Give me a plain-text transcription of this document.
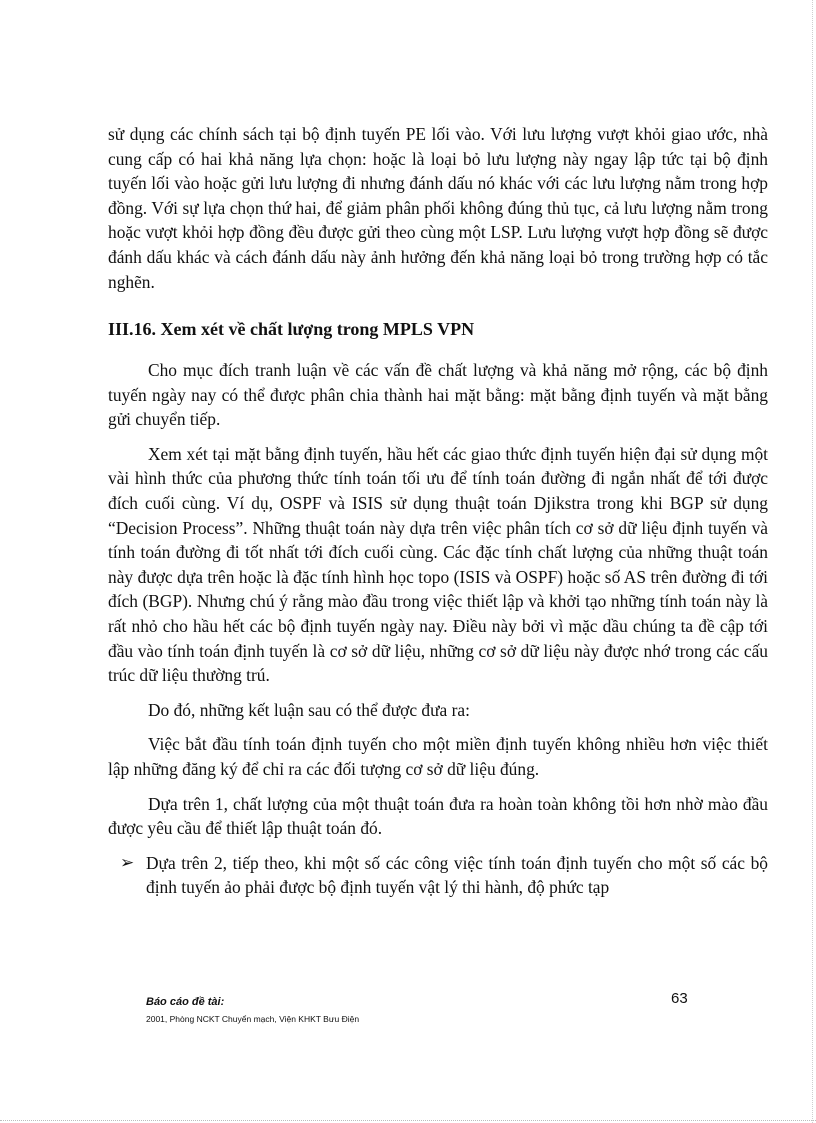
sử dụng các chính sách tại bộ định tuyến PE lối vào. Với lưu lượng vượt khỏi giao ước, nhà cung cấp có hai khả năng lựa chọn: hoặc là loại bỏ lưu lượng này ngay lập tức tại bộ định tuyến lối vào hoặc gửi lưu lượng đi nhưng đánh dấu nó khác với các lưu lượng nằm trong hợp đồng. Với sự lựa chọn thứ hai, để giảm phân phối không đúng thủ tục, cả lưu lượng nằm trong hoặc vượt khỏi hợp đồng đều được gửi theo cùng một LSP. Lưu lượng vượt hợp đồng sẽ được đánh dấu khác và cách đánh dấu này ảnh hưởng đến khả năng loại bỏ trong trường hợp có tắc nghẽn.

III.16. Xem xét về chất lượng trong MPLS VPN

Cho mục đích tranh luận về các vấn đề chất lượng và khả năng mở rộng, các bộ định tuyến ngày nay có thể được phân chia thành hai mặt bằng: mặt bằng định tuyến và mặt bằng gửi chuyển tiếp.

Xem xét tại mặt bằng định tuyến, hầu hết các giao thức định tuyến hiện đại sử dụng một vài hình thức của phương thức tính toán tối ưu để tính toán đường đi ngắn nhất để tới được đích cuối cùng. Ví dụ, OSPF và ISIS sử dụng thuật toán Djikstra trong khi BGP sử dụng “Decision Process”. Những thuật toán này dựa trên việc phân tích cơ sở dữ liệu định tuyến và tính toán đường đi tốt nhất tới đích cuối cùng. Các đặc tính chất lượng của những thuật toán này được dựa trên hoặc là đặc tính hình học topo (ISIS và OSPF) hoặc số AS trên đường đi tới đích (BGP). Nhưng chú ý rằng mào đầu trong việc thiết lập và khởi tạo những tính toán này là rất nhỏ cho hầu hết các bộ định tuyến ngày nay. Điều này bởi vì mặc dầu chúng ta đề cập tới đầu vào tính toán định tuyến là cơ sở dữ liệu, những cơ sở dữ liệu này được nhớ trong các cấu trúc dữ liệu thường trú.

Do đó, những kết luận sau có thể được đưa ra:

Việc bắt đầu tính toán định tuyến cho một miền định tuyến không nhiều hơn việc thiết lập những đăng ký để chỉ ra các đối tượng cơ sở dữ liệu đúng.

Dựa trên 1, chất lượng của một thuật toán đưa ra hoàn toàn không tồi hơn nhờ mào đầu được yêu cầu để thiết lập thuật toán đó.

➢ Dựa trên 2, tiếp theo, khi một số các công việc tính toán định tuyến cho một số các bộ định tuyến ảo phải được bộ định tuyến vật lý thi hành, độ phức tạp

Báo cáo đề tài:
2001, Phòng NCKT Chuyển mạch, Viện KHKT Bưu Điện
63
